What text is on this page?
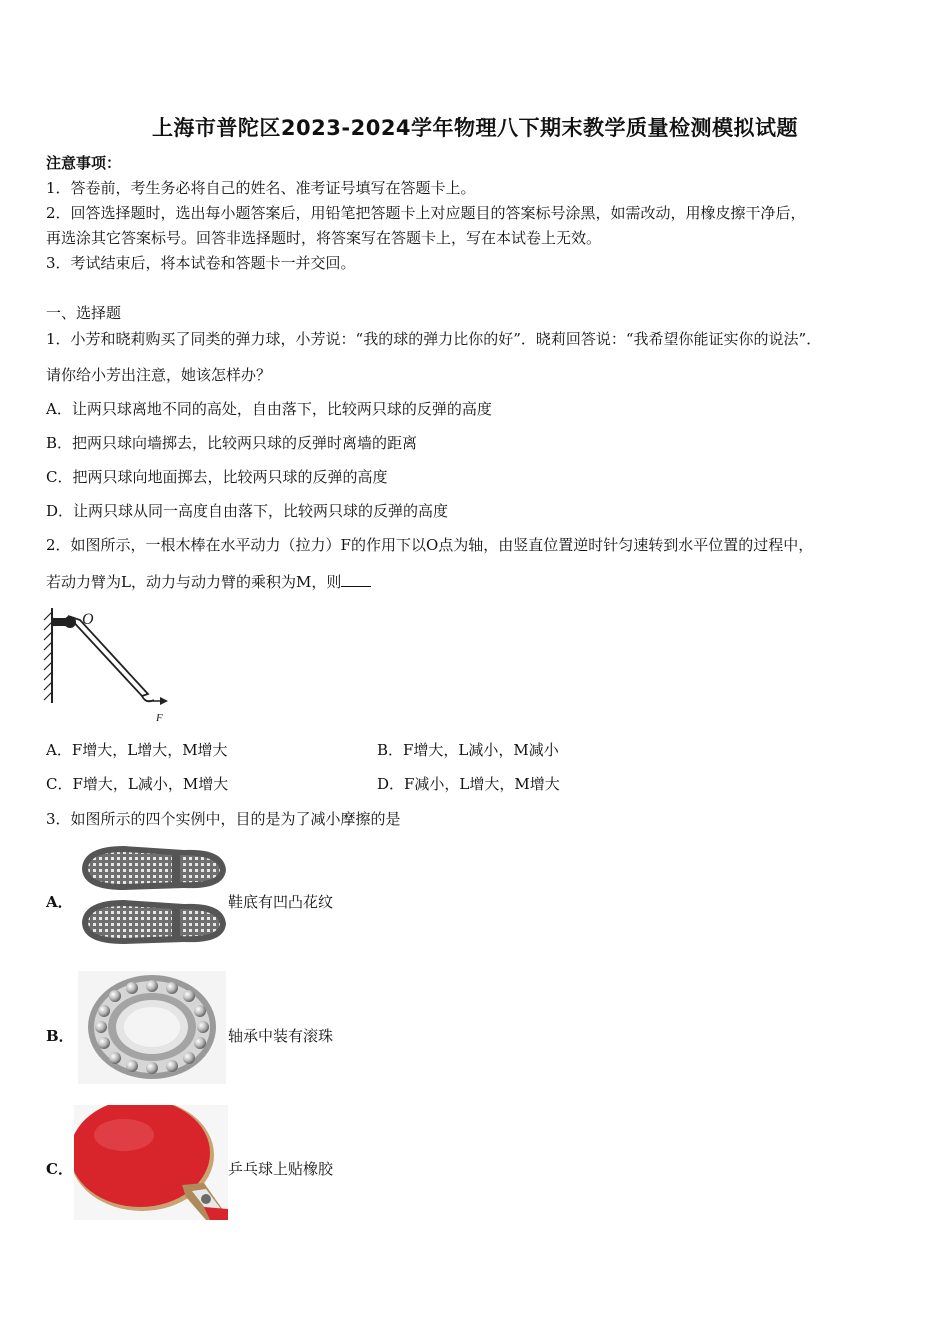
上海市普陀区2023-2024学年物理八下期末教学质量检测模拟试题
注意事项：
1．答卷前，考生务必将自己的姓名、准考证号填写在答题卡上。
2．回答选择题时，选出每小题答案后，用铅笔把答题卡上对应题目的答案标号涂黑，如需改动，用橡皮擦干净后，
再选涂其它答案标号。回答非选择题时，将答案写在答题卡上，写在本试卷上无效。
3．考试结束后，将本试卷和答题卡一并交回。
一、选择题
1．小芳和晓莉购买了同类的弹力球，小芳说：“我的球的弹力比你的好”．晓莉回答说：“我希望你能证实你的说法”．
请你给小芳出注意，她该怎样办？
A．让两只球离地不同的高处，自由落下，比较两只球的反弹的高度
B．把两只球向墙掷去，比较两只球的反弹时离墙的距离
C．把两只球向地面掷去，比较两只球的反弹的高度
D．让两只球从同一高度自由落下，比较两只球的反弹的高度
2．如图所示，一根木棒在水平动力（拉力）F的作用下以O点为轴，由竖直位置逆时针匀速转到水平位置的过程中，
若动力臂为L，动力与动力臂的乘积为M，则
O
F
A．F增大，L增大，M增大	B．F增大，L减小，M减小
C．F增大，L减小，M增大	D．F减小，L增大，M增大
3．如图所示的四个实例中，目的是为了减小摩擦的是
A．	鞋底有凹凸花纹
B．	轴承中装有滚珠
C．	乒乓球上贴橡胶
